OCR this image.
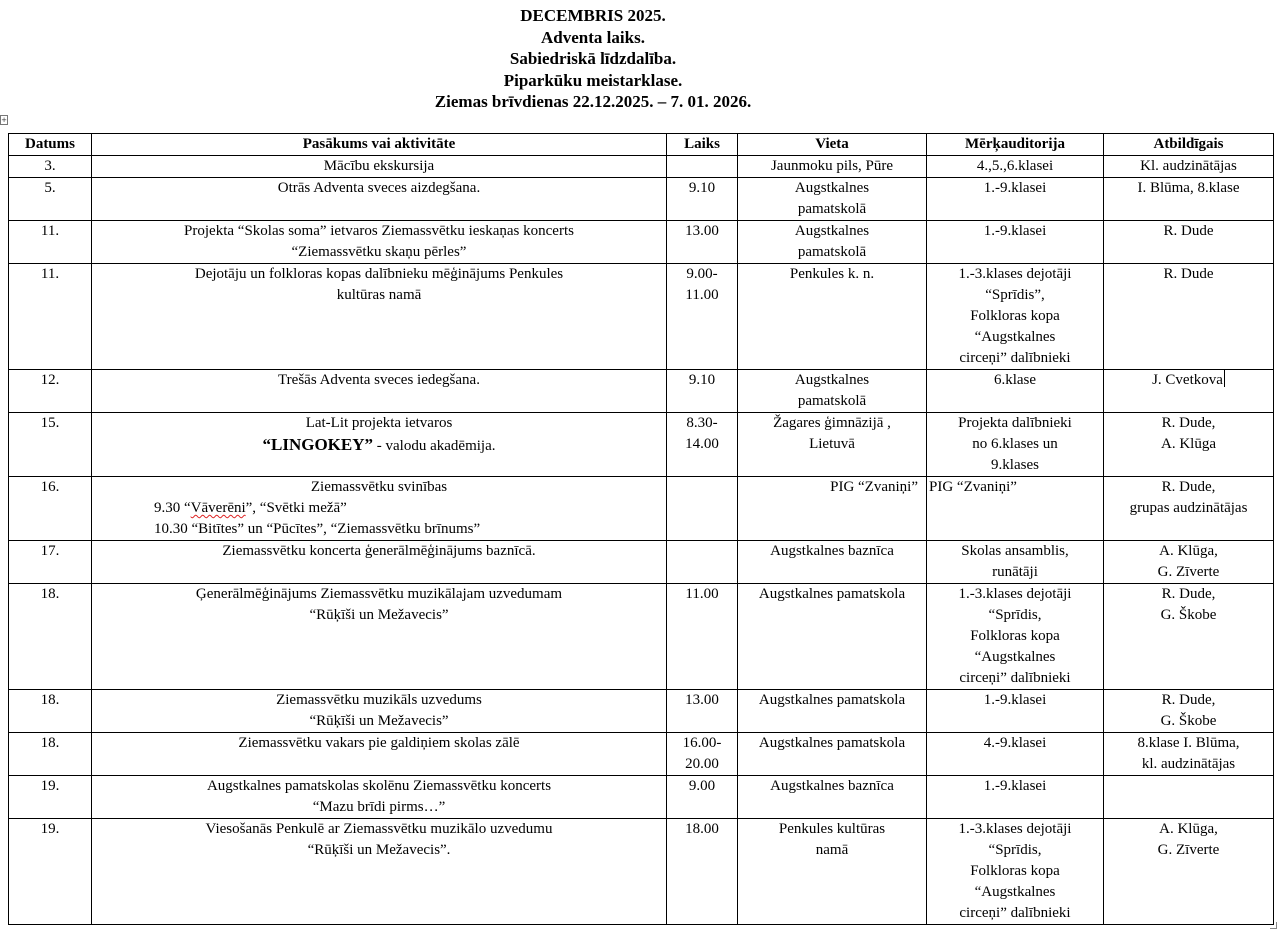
DECEMBRIS 2025.
Adventa laiks.
Sabiedriskā līdzdalība.
Piparkūku meistarklase.
Ziemas brīvdienas 22.12.2025. – 7. 01. 2026.
+
Datums	Pasākums vai aktivitāte	Laiks	Vieta	Mērķauditorija	Atbildīgais
3.	Mācību ekskursija		Jaunmoku pils, Pūre	4.,5.,6.klasei	Kl. audzinātājas

5.	Otrās Adventa sveces aizdegšana.	9.10	Augstkalnes
pamatskolā	1.-9.klasei	I. Blūma, 8.klase

11.	Projekta “Skolas soma” ietvaros Ziemassvētku ieskaņas koncerts
“Ziemassvētku skaņu pērles”	13.00	Augstkalnes
pamatskolā	1.-9.klasei	R. Dude

11.	Dejotāju un folkloras kopas dalībnieku mēģinājums Penkules
kultūras namā	9.00-
11.00	Penkules k. n.	1.-3.klases dejotāji
“Sprīdis”,
Folkloras kopa
“Augstkalnes
circeņi” dalībnieki	R. Dude

12.	Trešās Adventa sveces iedegšana.	9.10	Augstkalnes
pamatskolā	6.klase	J. Cvetkova

15.	Lat-Lit projekta ietvaros
“LINGOKEY” - valodu akadēmija.	8.30-
14.00	Žagares ģimnāzijā ,
Lietuvā	Projekta dalībnieki
no 6.klases un
9.klases	R. Dude,
A. Klūga

16.	Ziemassvētku svinības
9.30 “Vāverēni”, “Svētki mežā”
10.30 “Bitītes” un “Pūcītes”, “Ziemassvētku brīnums”		PIG “Zvaniņi”	PIG “Zvaniņi”	R. Dude,
grupas audzinātājas

17.	Ziemassvētku koncerta ģenerālmēģinājums baznīcā.		Augstkalnes baznīca	Skolas ansamblis,
runātāji	A. Klūga,
G. Zīverte

18.	Ģenerālmēģinājums Ziemassvētku muzikālajam uzvedumam
“Rūķīši un Mežavecis”	11.00	Augstkalnes pamatskola	1.-3.klases dejotāji
“Sprīdis,
Folkloras kopa
“Augstkalnes
circeņi” dalībnieki	R. Dude,
G. Škobe

18.	Ziemassvētku muzikāls uzvedums
“Rūķīši un Mežavecis”	13.00	Augstkalnes pamatskola	1.-9.klasei	R. Dude,
G. Škobe

18.	Ziemassvētku vakars pie galdiņiem skolas zālē	16.00-
20.00	Augstkalnes pamatskola	4.-9.klasei	8.klase I. Blūma,
kl. audzinātājas

19.	Augstkalnes pamatskolas skolēnu Ziemassvētku koncerts
“Mazu brīdi pirms…”	9.00	Augstkalnes baznīca	1.-9.klasei	

19.	Viesošanās Penkulē ar Ziemassvētku muzikālo uzvedumu
“Rūķīši un Mežavecis”.	18.00	Penkules kultūras
namā	1.-3.klases dejotāji
“Sprīdis,
Folkloras kopa
“Augstkalnes
circeņi” dalībnieki	A. Klūga,
G. Zīverte
